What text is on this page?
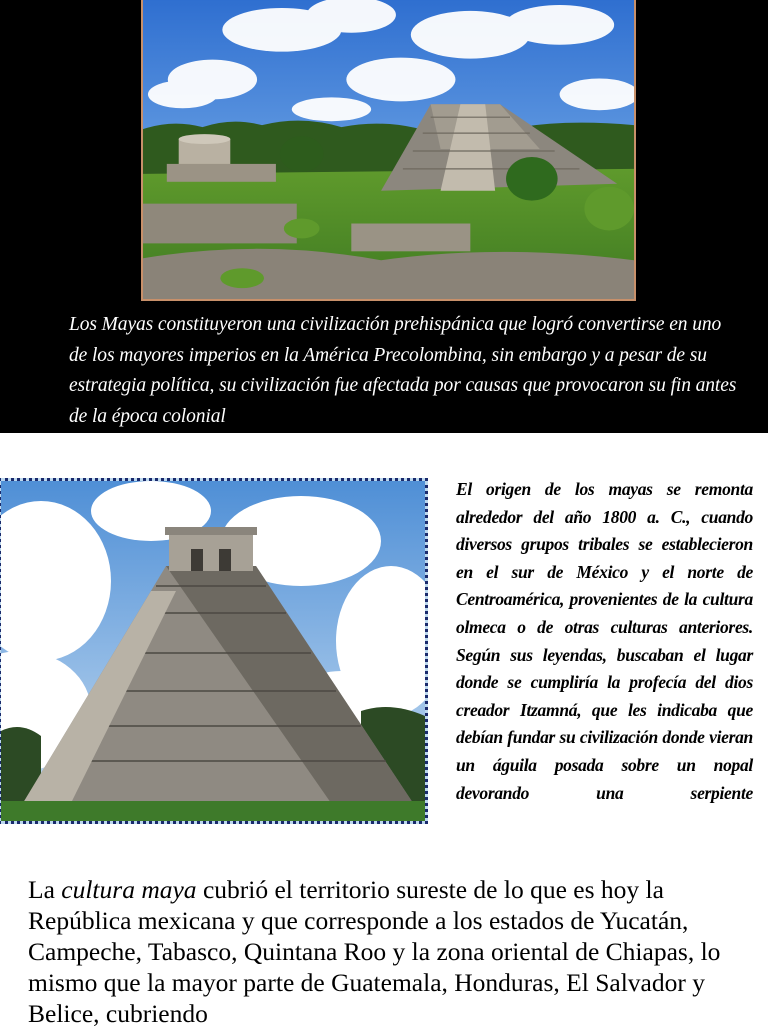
Los Mayas constituyeron una civilización prehispánica que logró convertirse en uno de los mayores imperios en la América Precolombina, sin embargo y a pesar de su estrategia política, su civilización fue afectada por causas que provocaron su fin antes de la época colonial

El origen de los mayas se remonta alrededor del año 1800 a. C., cuando diversos grupos tribales se establecieron en el sur de México y el norte de Centroamérica, provenientes de la cultura olmeca o de otras culturas anteriores. Según sus leyendas, buscaban el lugar donde se cumpliría la profecía del dios creador Itzamná, que les indicaba que debían fundar su civilización donde vieran un águila posada sobre un nopal devorando una serpiente

La cultura maya cubrió el territorio sureste de lo que es hoy la República mexicana y que corresponde a los estados de Yucatán, Campeche, Tabasco, Quintana Roo y la zona oriental de Chiapas, lo mismo que la mayor parte de Guatemala, Honduras, El Salvador y Belice, cubriendo
